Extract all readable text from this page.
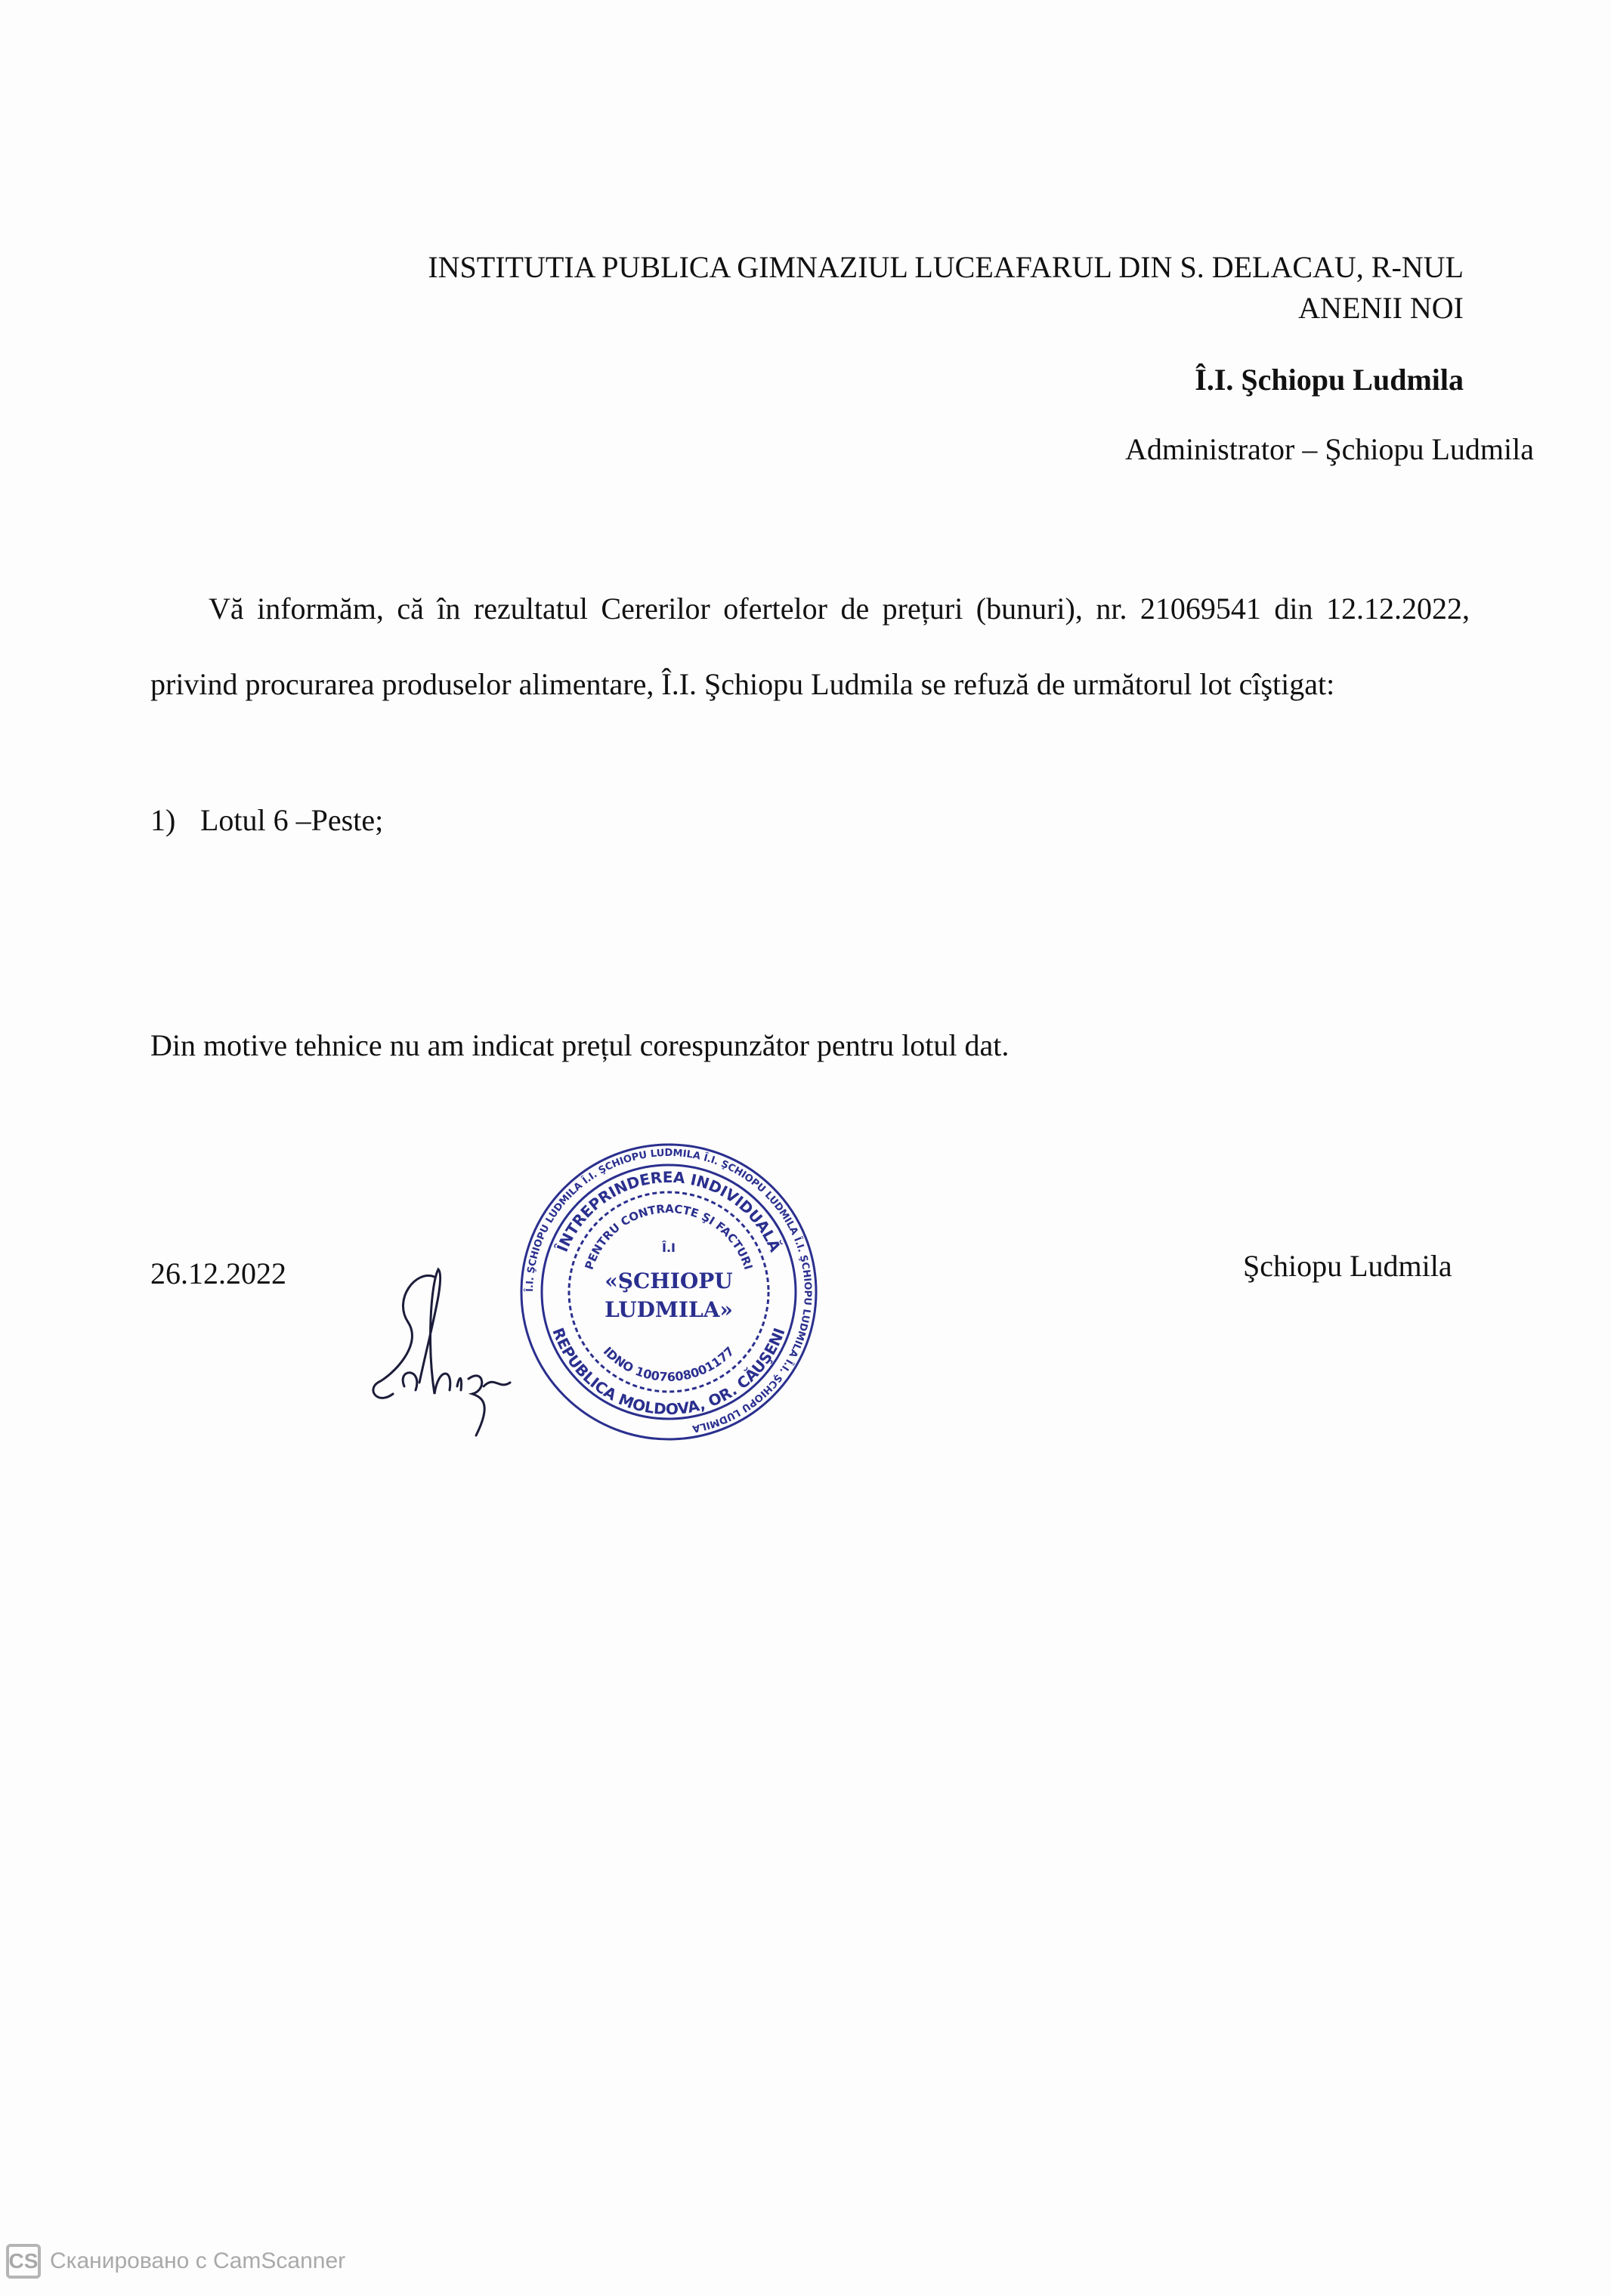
INSTITUTIA PUBLICA GIMNAZIUL LUCEAFARUL DIN S. DELACAU, R-NUL
ANENII NOI
Î.I. Şchiopu Ludmila
Administrator – Şchiopu Ludmila
Vă informăm, că în rezultatul Cererilor ofertelor de prețuri (bunuri), nr. 21069541 din 12.12.2022, privind procurarea produselor alimentare, Î.I. Şchiopu Ludmila se refuză de următorul lot cîştigat:
1) Lotul 6 –Peste;
Din motive tehnice nu am indicat prețul corespunzător pentru lotul dat.
26.12.2022	Şchiopu Ludmila
Î.I. ŞCHIOPU LUDMILA Î.I. ŞCHIOPU LUDMILA Î.I. ŞCHIOPU LUDMILA Î.I. ŞCHIOPU LUDMILA Î.I. ŞCHIOPU LUDMILA
ÎNTREPRINDEREA INDIVIDUALĂ
REPUBLICA MOLDOVA, OR. CĂUŞENI
PENTRU CONTRACTE ŞI FACTURI
IDNO 1007608001177
Î.I
«ŞCHIOPU
LUDMILA»
CS Сканировано с CamScanner
